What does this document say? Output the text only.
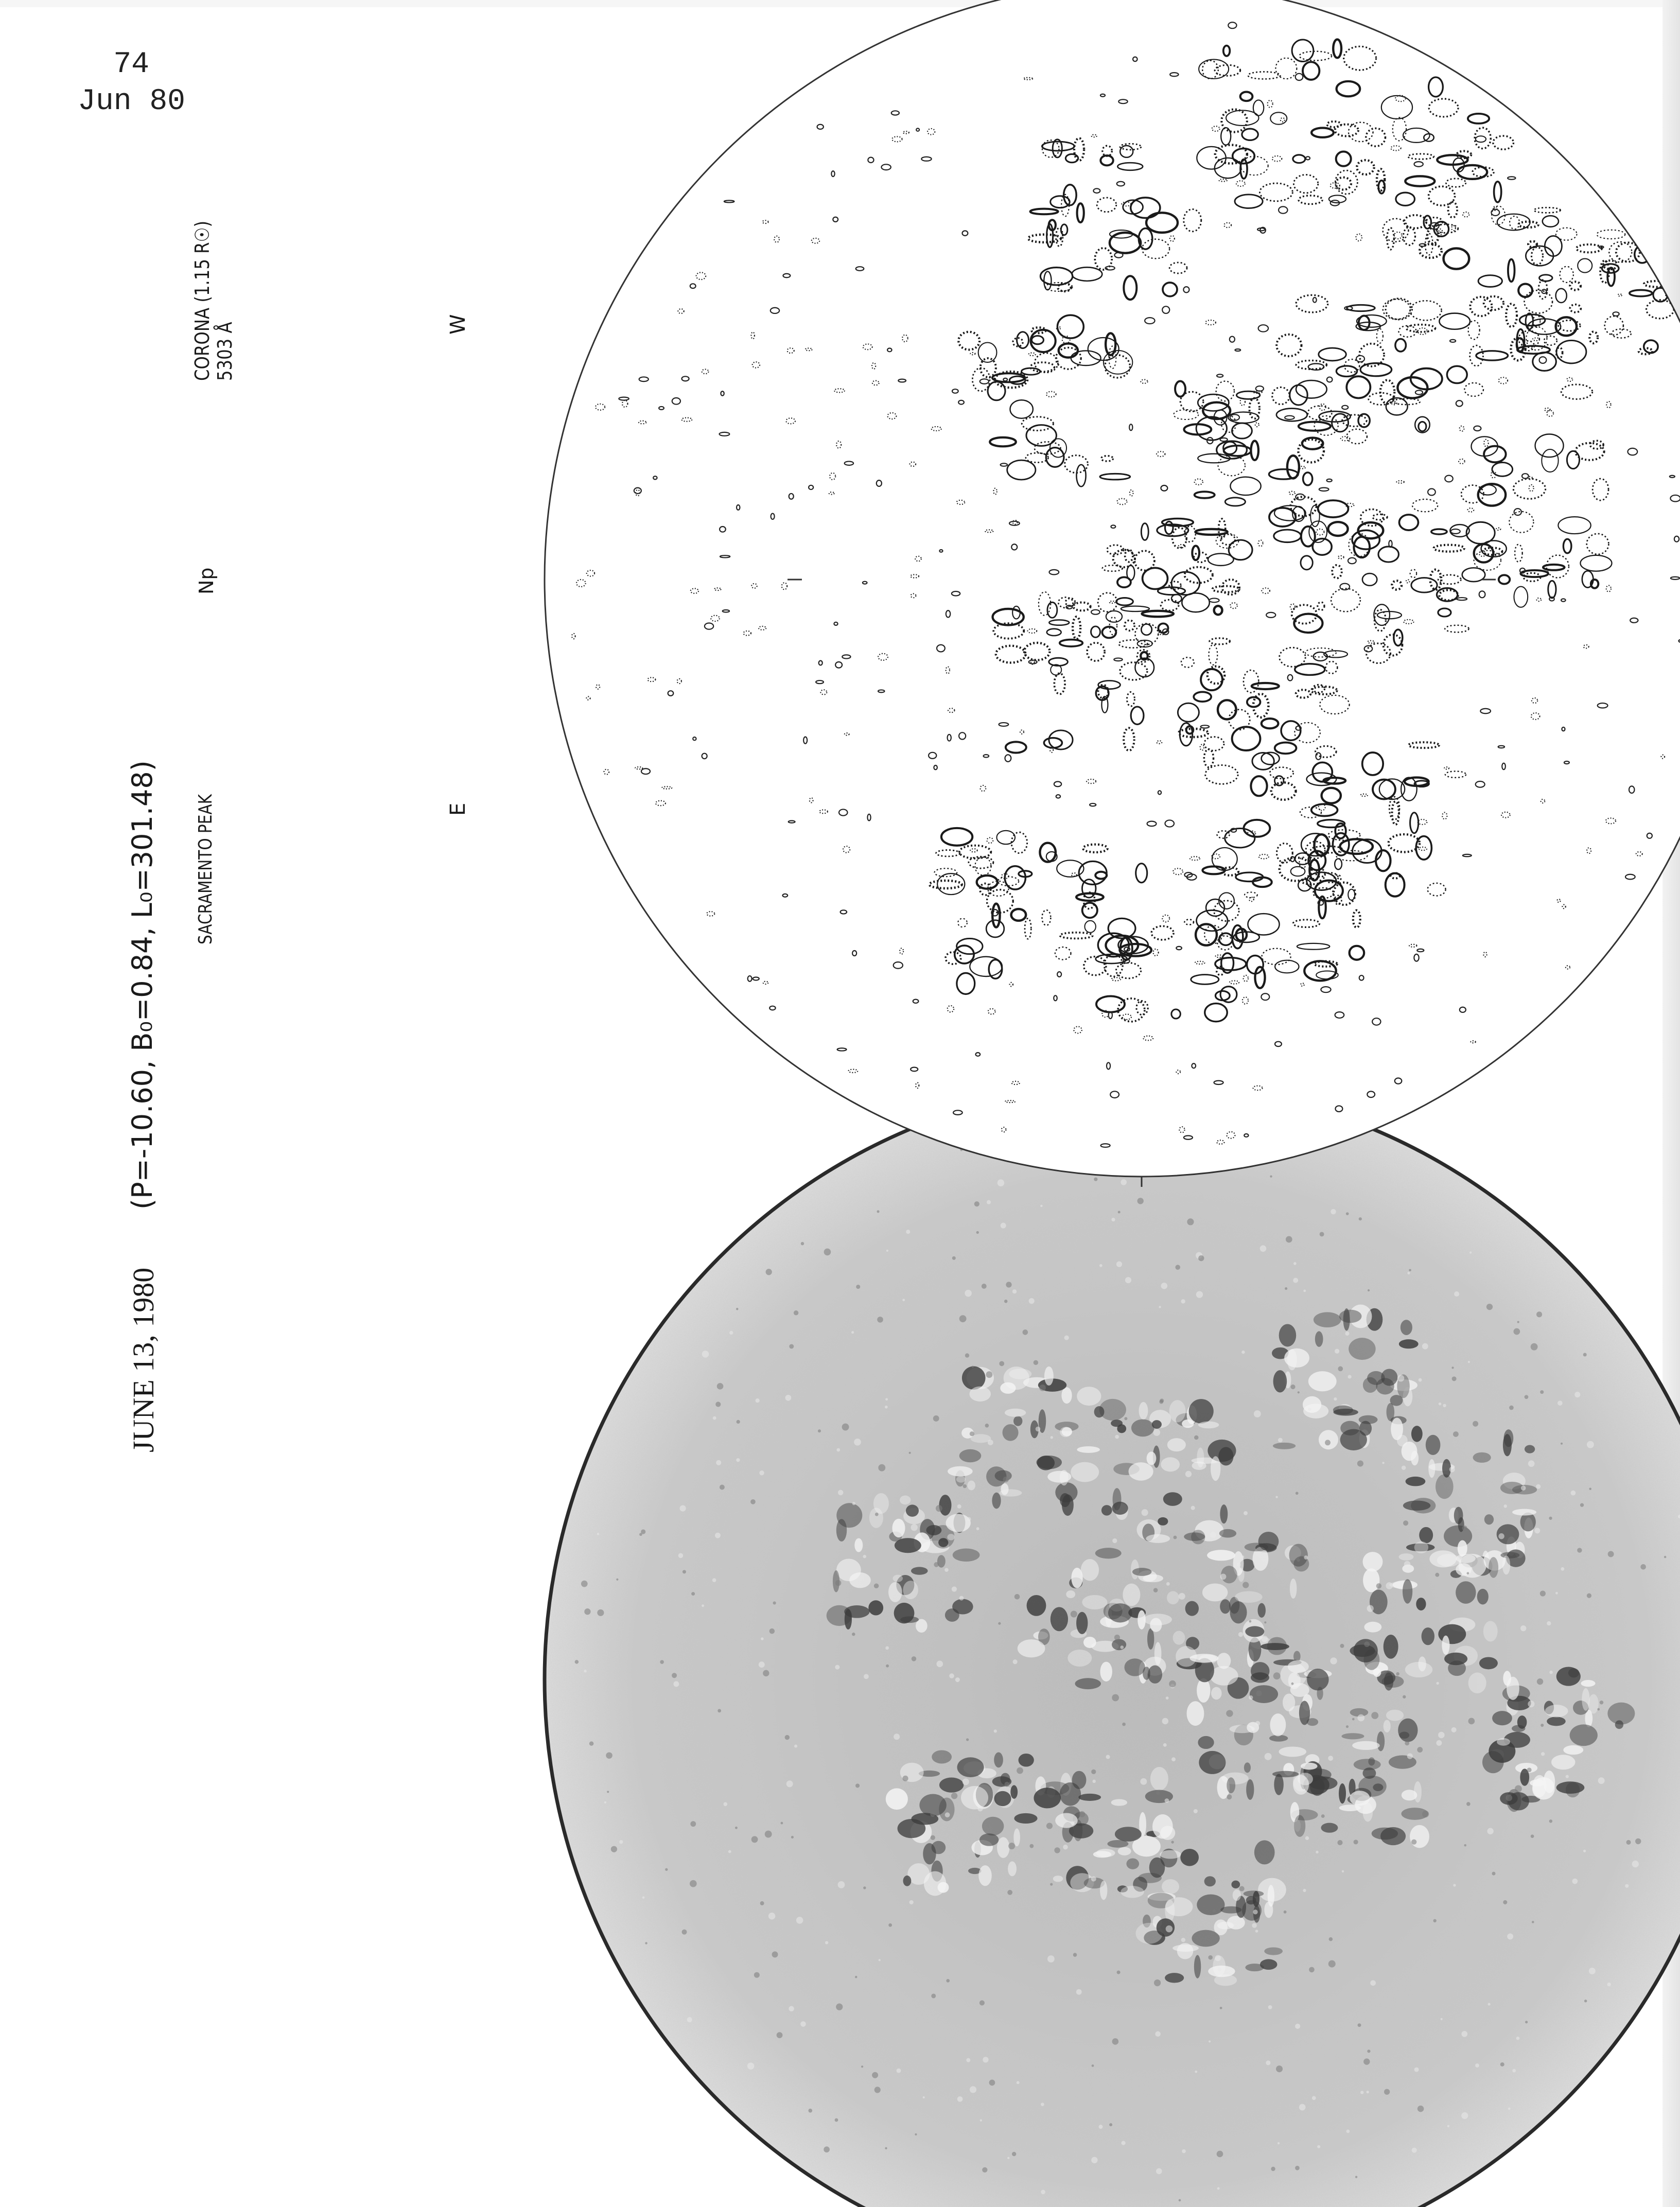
74
Jun 80
JUNE 13, 1980
(P=-10.60, B₀=0.84, L₀=301.48) SACRAMENTO PEAK
Np
CORONA (1.15 R☉) 5303 Å
E
W
